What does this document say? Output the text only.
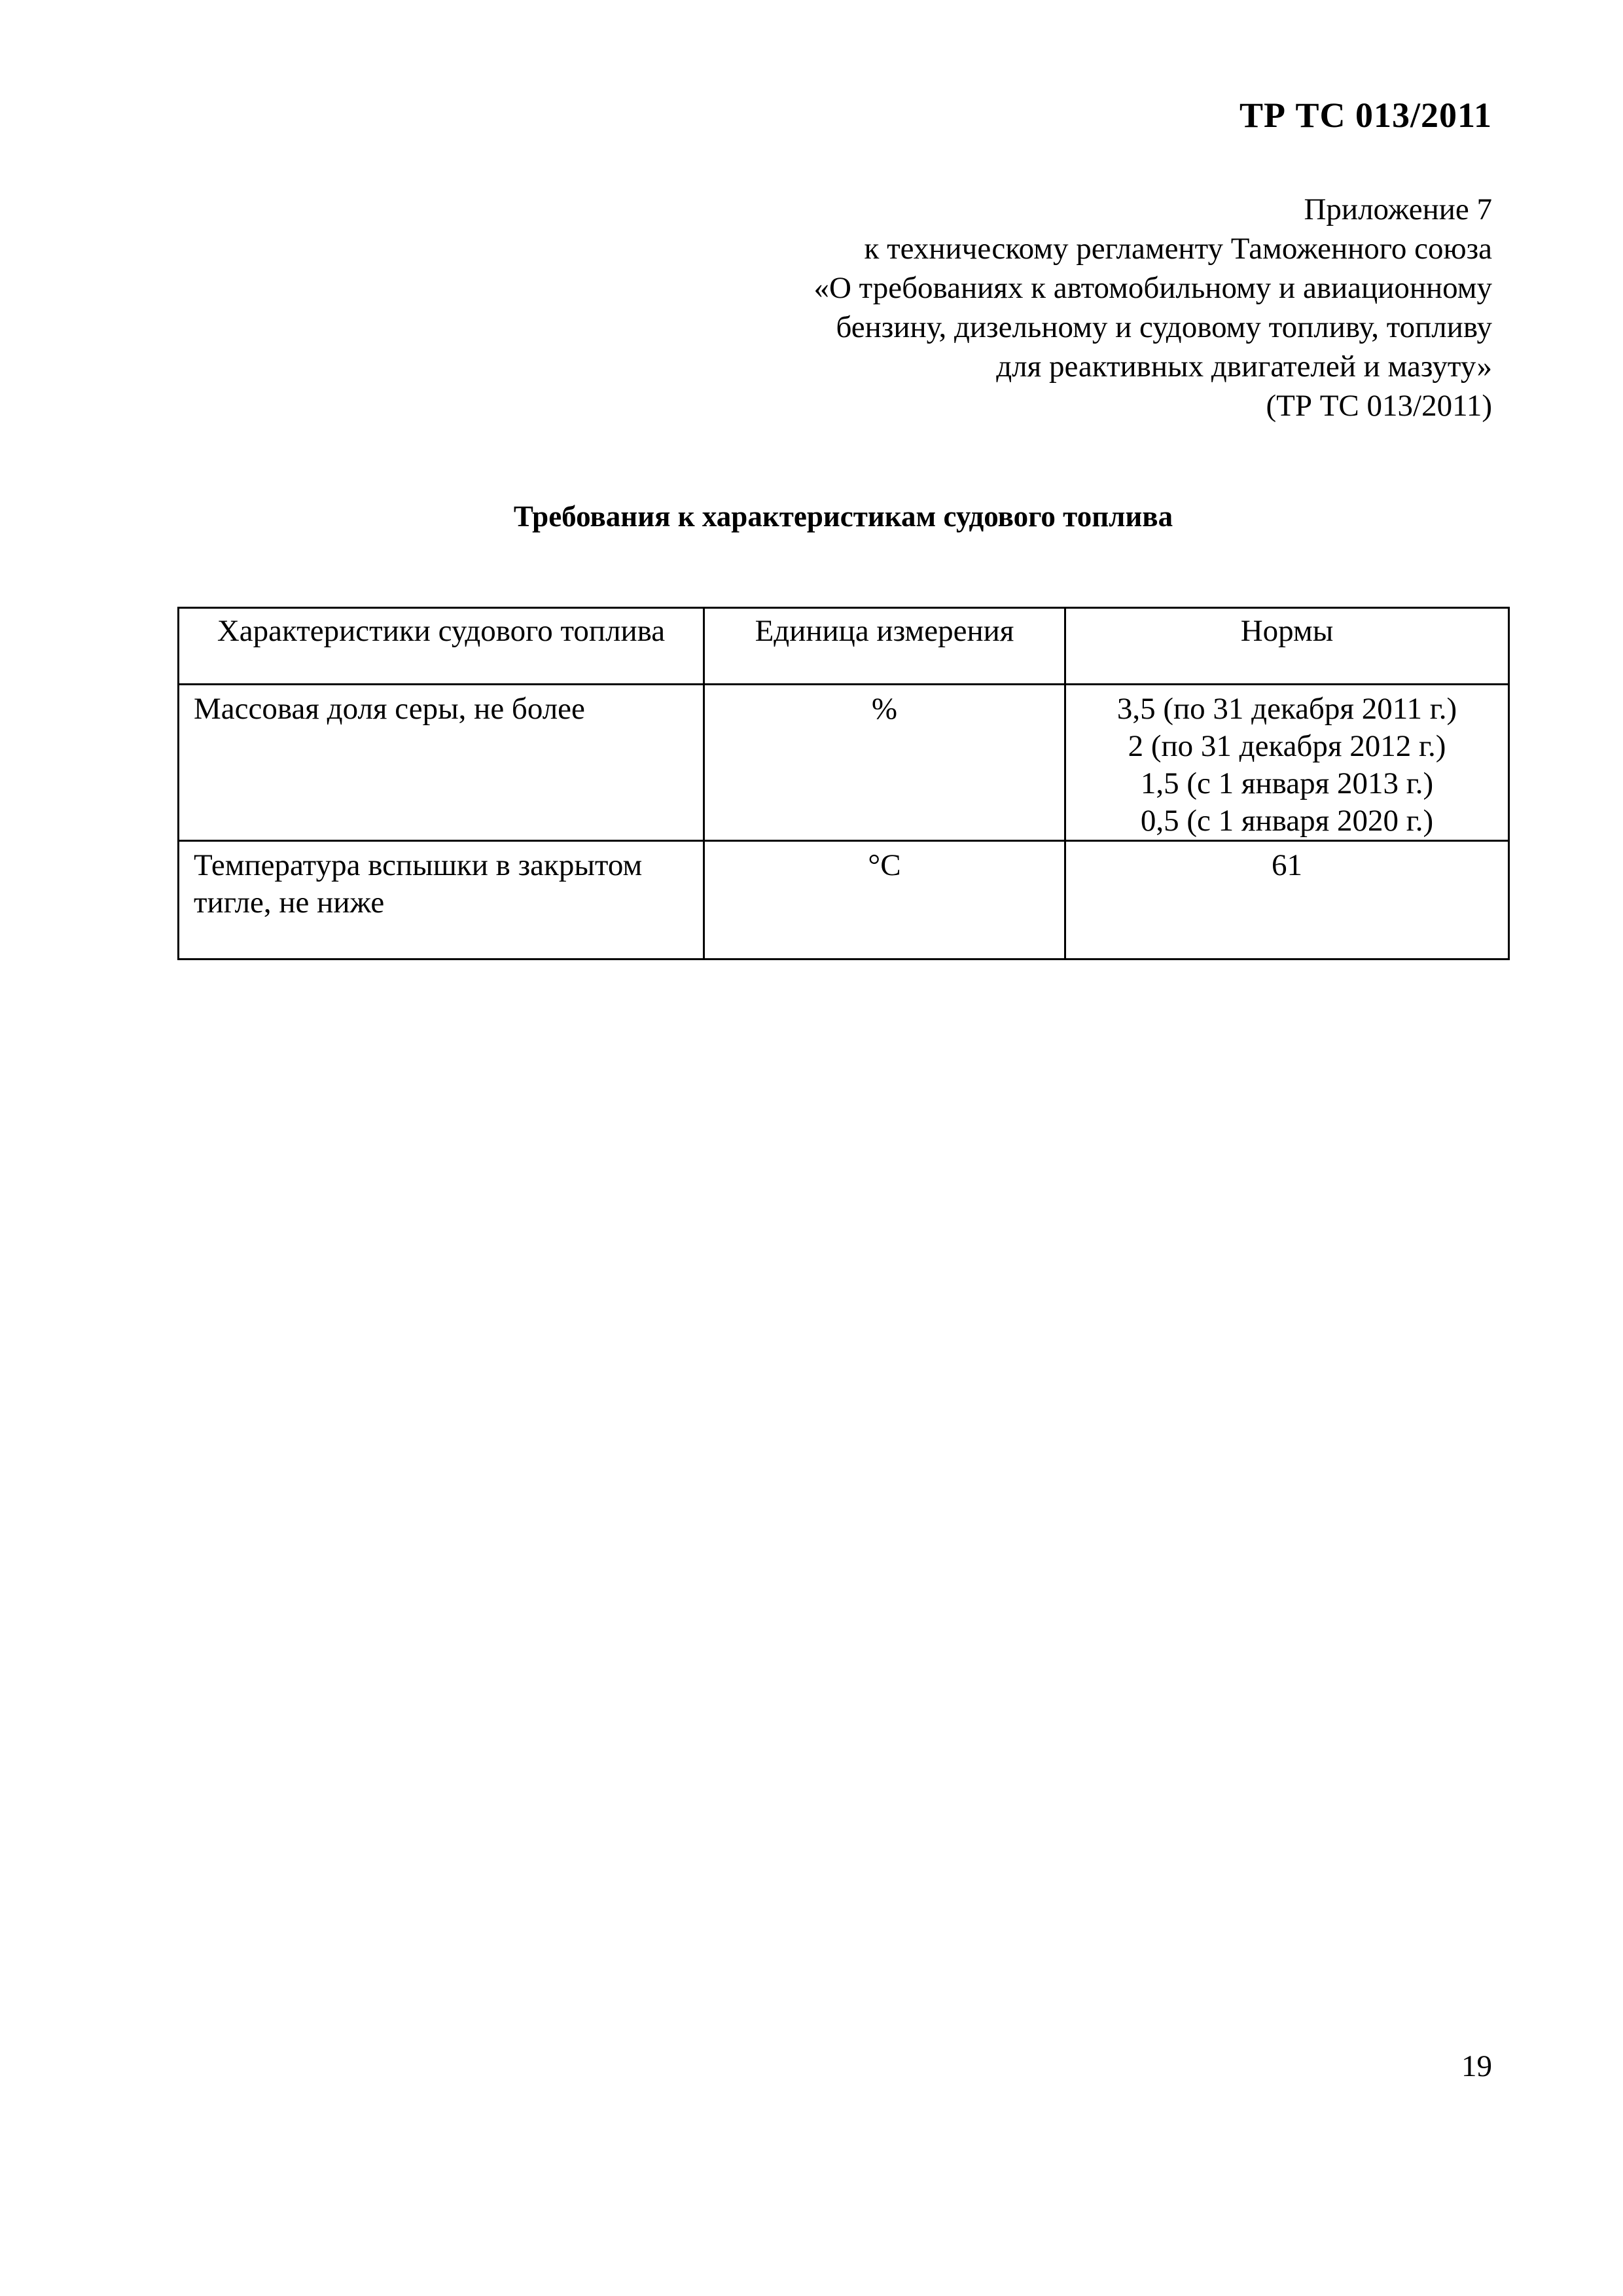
ТР ТС 013/2011
Приложение 7
к техническому регламенту Таможенного союза
«О требованиях к автомобильному и авиационному
бензину, дизельному и судовому топливу, топливу
для реактивных двигателей и мазуту»
(ТР ТС 013/2011)
Требования к характеристикам судового топлива
Характеристики судового топлива	Единица измерения	Нормы
Массовая доля серы, не более	%	3,5 (по 31 декабря 2011 г.)
2 (по 31 декабря 2012 г.)
1,5 (с 1 января 2013 г.)
0,5 (с 1 января 2020 г.)

Температура вспышки в закрытом
тигле, не ниже	°С	61
19
